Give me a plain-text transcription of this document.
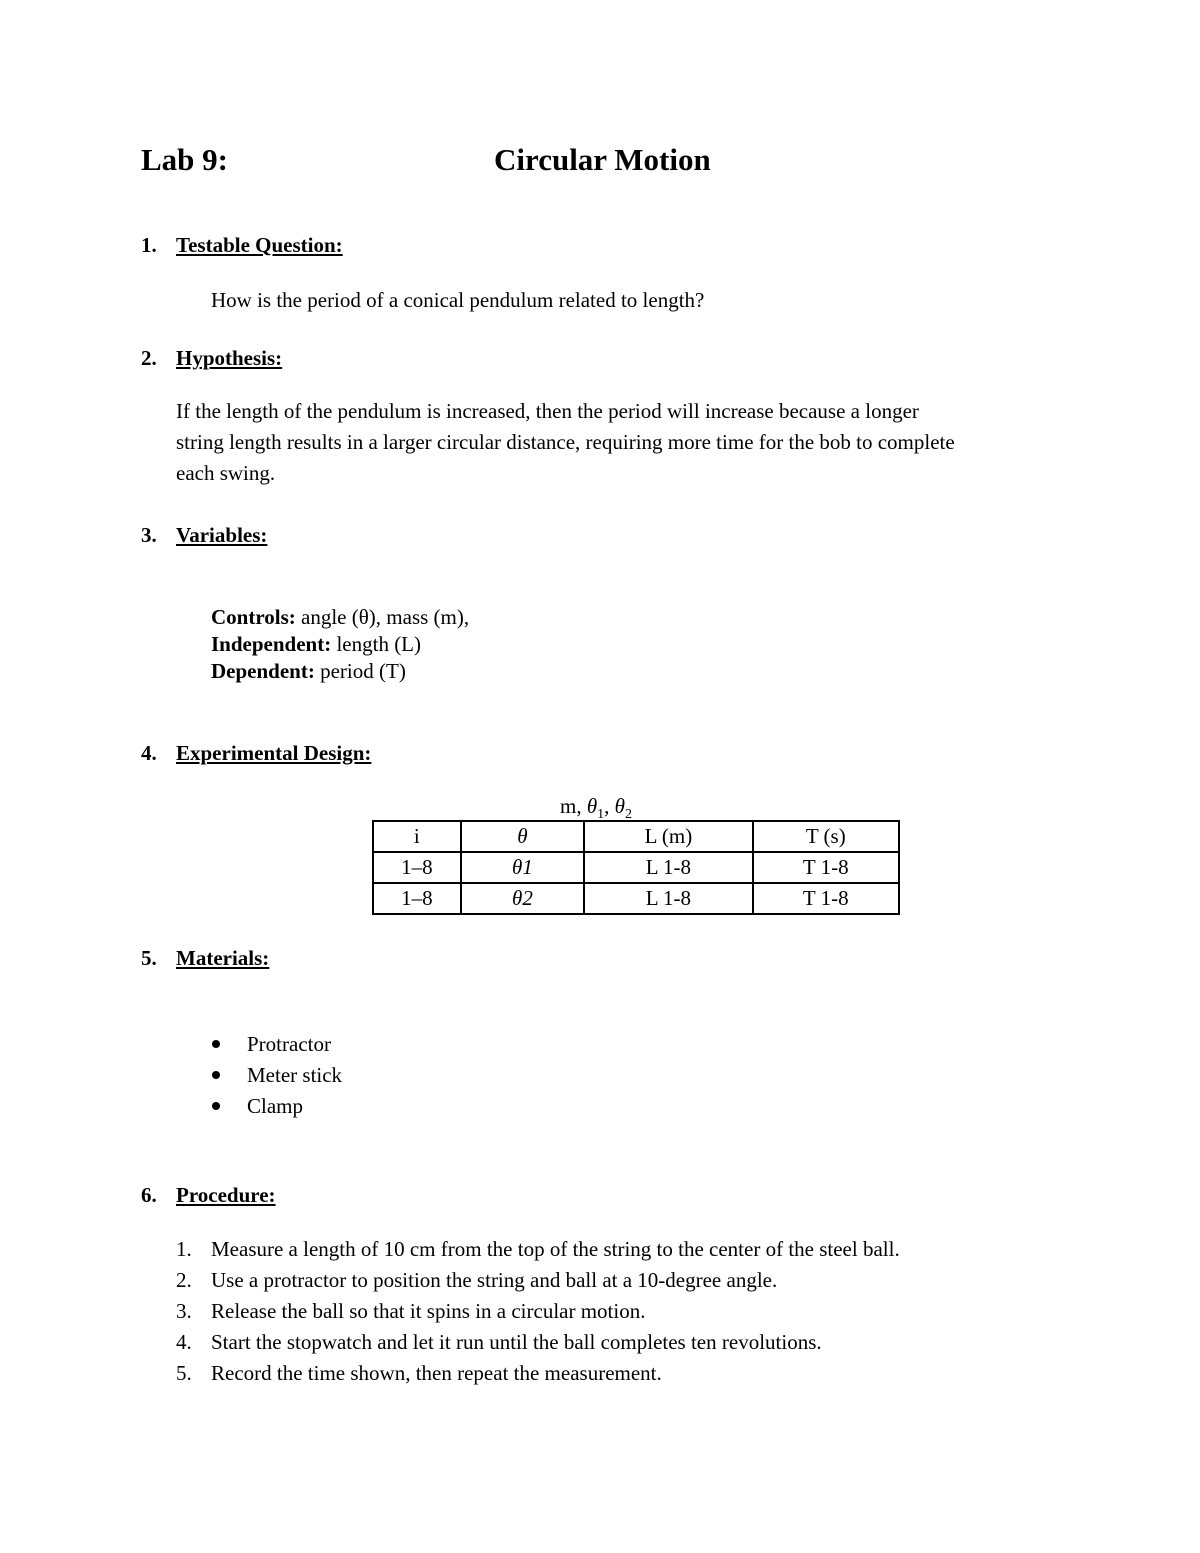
Lab 9:	Circular Motion
1. Testable Question:
How is the period of a conical pendulum related to length?
2. Hypothesis:
If the length of the pendulum is increased, then the period will increase because a longer
string length results in a larger circular distance, requiring more time for the bob to complete
each swing.
3. Variables:
Controls: angle (θ), mass (m),
Independent: length (L)
Dependent: period (T)
4. Experimental Design:
m, $\theta_1$, $\theta_2$
i	θ	L (m)	T (s)
1–8	θ1	L 1-8	T 1-8
1–8	θ2	L 1-8	T 1-8
5. Materials:
Protractor
Meter stick
Clamp
6. Procedure:
1. Measure a length of 10 cm from the top of the string to the center of the steel ball.
2. Use a protractor to position the string and ball at a 10-degree angle.
3. Release the ball so that it spins in a circular motion.
4. Start the stopwatch and let it run until the ball completes ten revolutions.
5. Record the time shown, then repeat the measurement.
